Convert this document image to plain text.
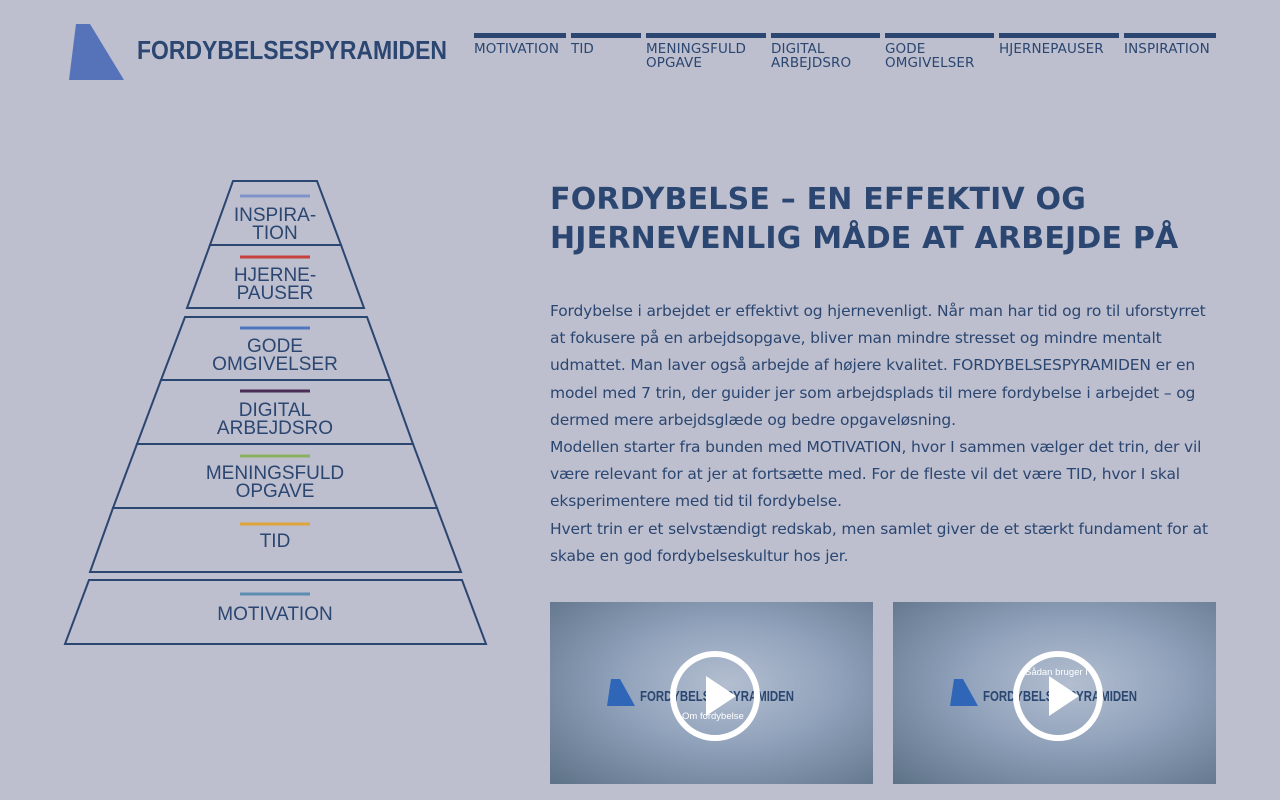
FORDYBELSESPYRAMIDEN MOTIVATION TID	MENINGSFULD
OPGAVE
DIGITAL
ARBEJDSRO
GODE
OMGIVELSER
HJERNEPAUSER	INSPIRATION
INSPIRA-
TION
HJERNE-
PAUSER
GODE
OMGIVELSER
DIGITAL
ARBEJDSRO
MENINGSFULD
OPGAVE
TID
MOTIVATION
FORDYBELSE – EN EFFEKTIV OG HJERNEVENLIG MÅDE AT ARBEJDE PÅ

Fordybelse i arbejdet er effektivt og hjernevenligt. Når man har tid og ro til uforstyrret at fokusere på en arbejdsopgave, bliver man mindre stresset og mindre mentalt udmattet. Man laver også arbejde af højere kvalitet. FORDYBELSESPYRAMIDEN er en model med 7 trin, der guider jer som arbejdsplads til mere fordybelse i arbejdet – og dermed mere arbejdsglæde og bedre opgaveløsning.

Modellen starter fra bunden med MOTIVATION, hvor I sammen vælger det trin, der vil være relevant for at jer at fortsætte med. For de fleste vil det være TID, hvor I skal eksperimentere med tid til fordybelse.

Hvert trin er et selvstændigt redskab, men samlet giver de et stærkt fundament for at skabe en god fordybelseskultur hos jer.

FORDYBELSESPYRAMIDEN
Om fordybelse
FORDYBELSESPYRAMIDEN
Sådan bruger I
